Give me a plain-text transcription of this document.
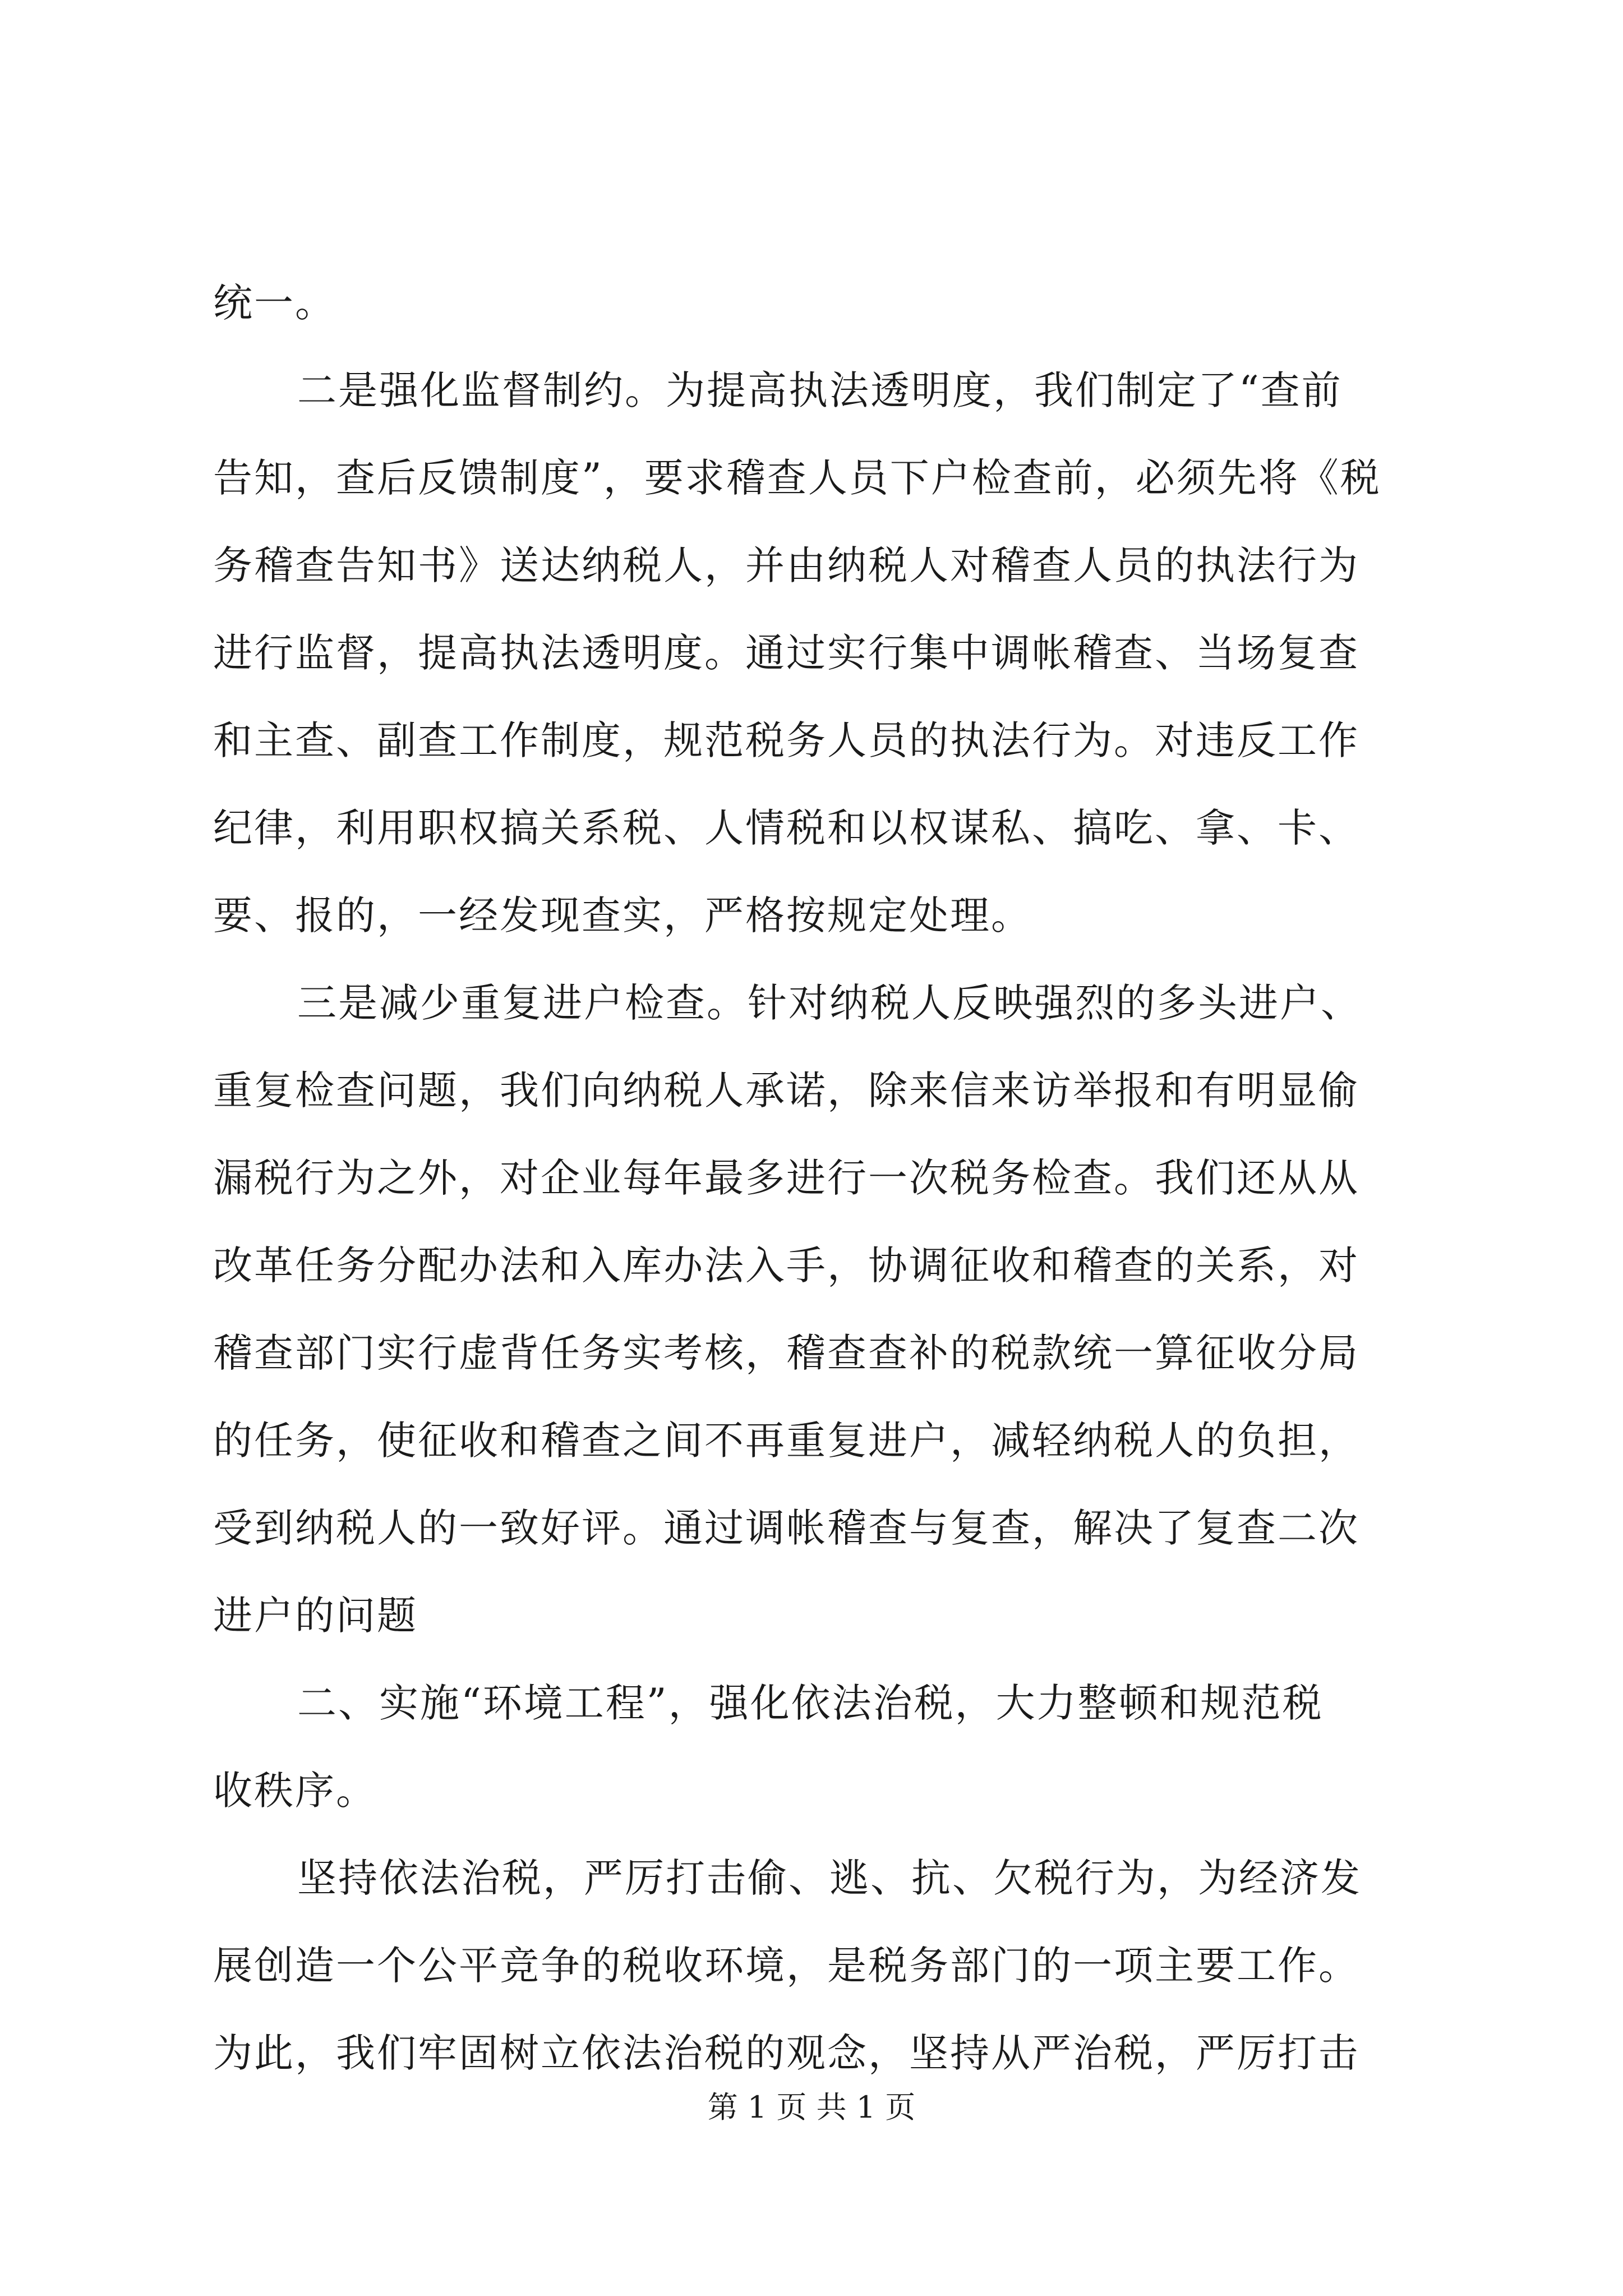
统一。
二是强化监督制约。为提高执法透明度，我们制定了“查前
告知，查后反馈制度”，要求稽查人员下户检查前，必须先将《税
务稽查告知书》送达纳税人，并由纳税人对稽查人员的执法行为
进行监督，提高执法透明度。通过实行集中调帐稽查、当场复查
和主查、副查工作制度，规范税务人员的执法行为。对违反工作
纪律，利用职权搞关系税、人情税和以权谋私、搞吃、拿、卡、
要、报的，一经发现查实，严格按规定处理。
三是减少重复进户检查。针对纳税人反映强烈的多头进户、
重复检查问题，我们向纳税人承诺，除来信来访举报和有明显偷
漏税行为之外，对企业每年最多进行一次税务检查。我们还从从
改革任务分配办法和入库办法入手，协调征收和稽查的关系，对
稽查部门实行虚背任务实考核，稽查查补的税款统一算征收分局
的任务，使征收和稽查之间不再重复进户，减轻纳税人的负担，
受到纳税人的一致好评。通过调帐稽查与复查，解决了复查二次
进户的问题
二、实施“环境工程”，强化依法治税，大力整顿和规范税
收秩序。
坚持依法治税，严厉打击偷、逃、抗、欠税行为，为经济发
展创造一个公平竞争的税收环境，是税务部门的一项主要工作。
为此，我们牢固树立依法治税的观念，坚持从严治税，严厉打击
第 1 页 共 1 页
